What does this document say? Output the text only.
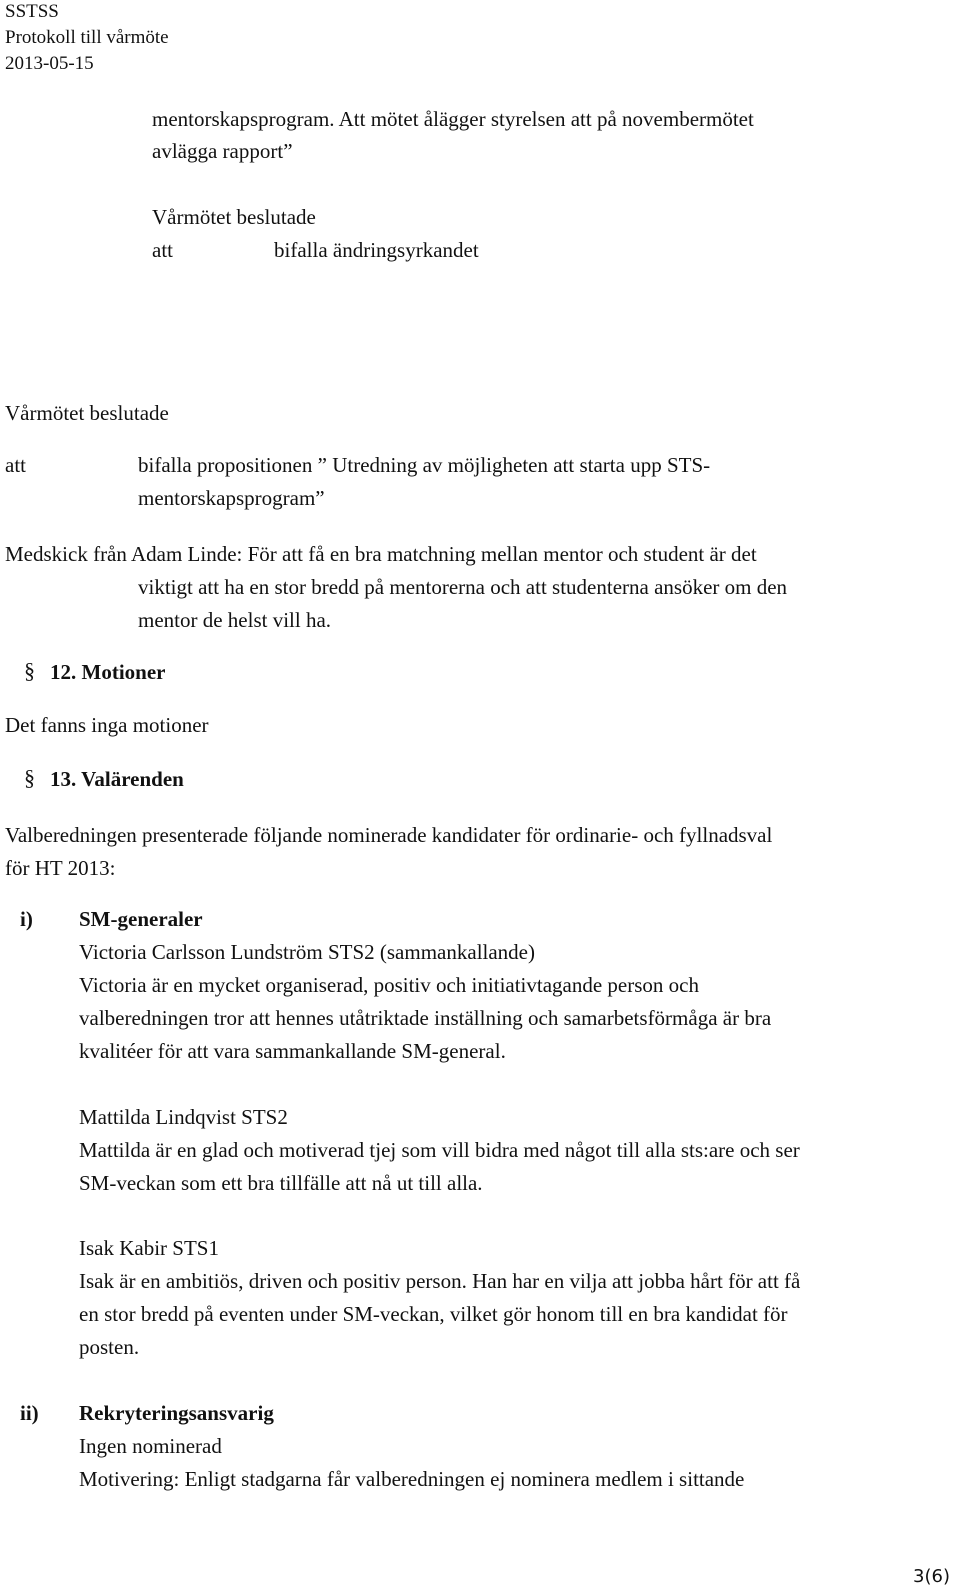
SSTSS
Protokoll till vårmöte
2013-05-15
mentorskapsprogram. Att mötet ålägger styrelsen att på novembermötet
avlägga rapport”
Vårmötet beslutade
att	bifalla ändringsyrkandet
Vårmötet beslutade
att	bifalla propositionen ” Utredning av möjligheten att starta upp STS-
mentorskapsprogram”
Medskick från Adam Linde: För att få en bra matchning mellan mentor och student är det
viktigt att ha en stor bredd på mentorerna och att studenterna ansöker om den
mentor de helst vill ha.
§ 12. Motioner
Det fanns inga motioner
§ 13. Valärenden
Valberedningen presenterade följande nominerade kandidater för ordinarie- och fyllnadsval
för HT 2013:
i) SM-generaler
Victoria Carlsson Lundström STS2 (sammankallande)
Victoria är en mycket organiserad, positiv och initiativtagande person och
valberedningen tror att hennes utåtriktade inställning och samarbetsförmåga är bra
kvalitéer för att vara sammankallande SM-general.
Mattilda Lindqvist STS2
Mattilda är en glad och motiverad tjej som vill bidra med något till alla sts:are och ser
SM-veckan som ett bra tillfälle att nå ut till alla.
Isak Kabir STS1
Isak är en ambitiös, driven och positiv person. Han har en vilja att jobba hårt för att få
en stor bredd på eventen under SM-veckan, vilket gör honom till en bra kandidat för
posten.
ii) Rekryteringsansvarig
Ingen nominerad
Motivering: Enligt stadgarna får valberedningen ej nominera medlem i sittande
3(6)
